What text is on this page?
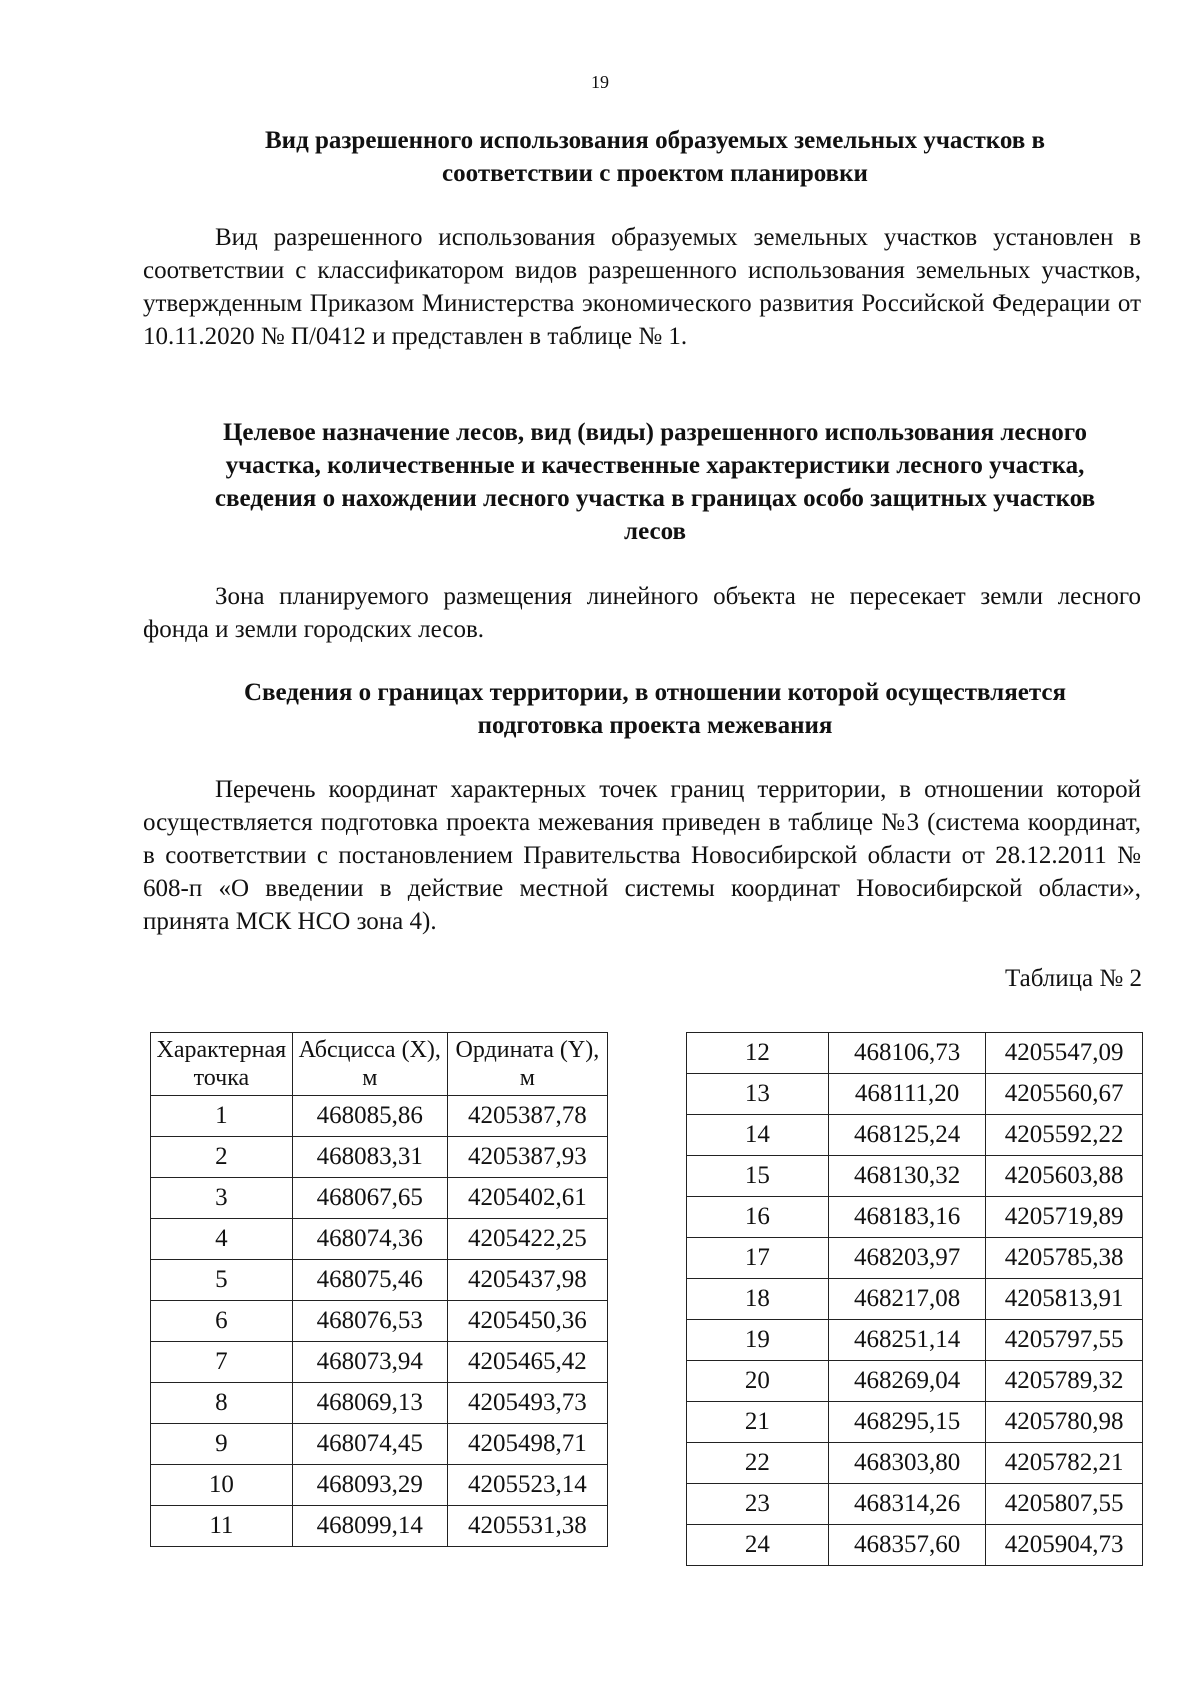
19
Вид разрешенного использования образуемых земельных участков в соответствии с проектом планировки

Вид разрешенного использования образуемых земельных участков установлен в соответствии с классификатором видов разрешенного использования земельных участков, утвержденным Приказом Министерства экономического развития Российской Федерации от 10.11.2020 № П/0412 и представлен в таблице № 1.

Целевое назначение лесов, вид (виды) разрешенного использования лесного участка, количественные и качественные характеристики лесного участка, сведения о нахождении лесного участка в границах особо защитных участков лесов

Зона планируемого размещения линейного объекта не пересекает земли лесного фонда и земли городских лесов.

Сведения о границах территории, в отношении которой осуществляется подготовка проекта межевания

Перечень координат характерных точек границ территории, в отношении которой осуществляется подготовка проекта межевания приведен в таблице №3 (система координат, в соответствии с постановлением Правительства Новосибирской области от 28.12.2011 № 608-п «О введении в действие местной системы координат Новосибирской области», принята МСК НСО зона 4).

Таблица № 2
Характерная точка	Абсцисса (X), м	Ордината (Y), м
1	468085,86	4205387,78
2	468083,31	4205387,93
3	468067,65	4205402,61
4	468074,36	4205422,25
5	468075,46	4205437,98
6	468076,53	4205450,36
7	468073,94	4205465,42
8	468069,13	4205493,73
9	468074,45	4205498,71
10	468093,29	4205523,14
11	468099,14	4205531,38
12	468106,73	4205547,09
13	468111,20	4205560,67
14	468125,24	4205592,22
15	468130,32	4205603,88
16	468183,16	4205719,89
17	468203,97	4205785,38
18	468217,08	4205813,91
19	468251,14	4205797,55
20	468269,04	4205789,32
21	468295,15	4205780,98
22	468303,80	4205782,21
23	468314,26	4205807,55
24	468357,60	4205904,73
